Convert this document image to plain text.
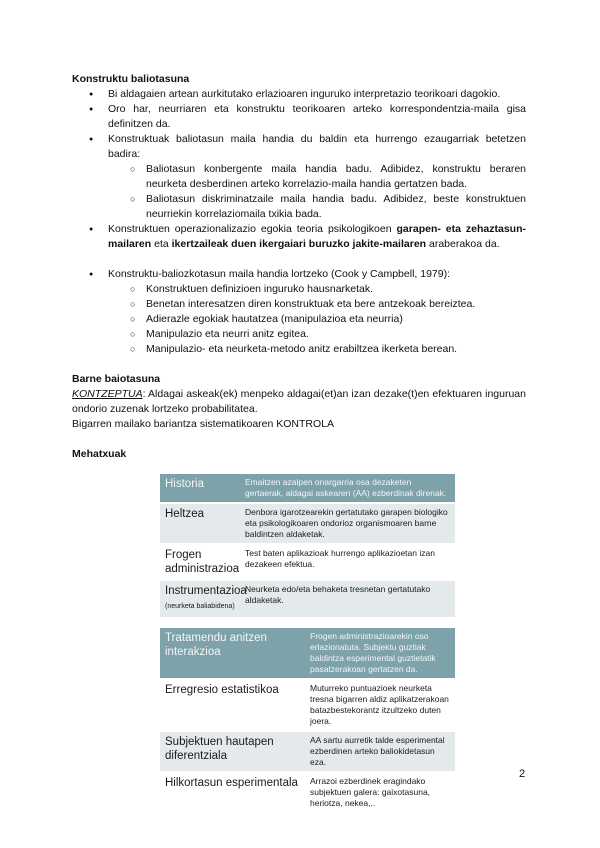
Konstruktu baliotasuna
● Bi aldagaien artean aurkitutako erlazioaren inguruko interpretazio teorikoari dagokio.
● Oro har, neurriaren eta konstruktu teorikoaren arteko korrespondentzia-maila gisa definitzen da.
● Konstruktuak baliotasun maila handia du baldin eta hurrengo ezaugarriak betetzen badira:
○ Baliotasun konbergente maila handia badu. Adibidez, konstruktu beraren neurketa desberdinen arteko korrelazio-maila handia gertatzen bada.
○ Baliotasun diskriminatzaile maila handia badu. Adibidez, beste konstruktuen neurriekin korrelaziomaila txikia bada.
● Konstruktuen operazionalizazio egokia teoria psikologikoen garapen- eta zehaztasun-mailaren eta ikertzaileak duen ikergaiari buruzko jakite-mailaren araberakoa da.
● Konstruktu-baliozkotasun maila handia lortzeko (Cook y Campbell, 1979):
○ Konstruktuen definizioen inguruko hausnarketak.
○ Benetan interesatzen diren konstruktuak eta bere antzekoak bereiztea.
○ Adierazle egokiak hautatzea (manipulazioa eta neurria)
○ Manipulazio eta neurri anitz egitea.
○ Manipulazio- eta neurketa-metodo anitz erabiltzea ikerketa berean.
Barne baiotasuna

KONTZEPTUA: Aldagai askeak(ek) menpeko aldagai(et)an izan dezake(t)en efektuaren inguruan ondorio zuzenak lortzeko probabilitatea.

Bigarren mailako bariantza sistematikoaren KONTROLA

Mehatxuak
Historia	Emaitzen azalpen onargarria osa dezaketen gertaerak, aldagai askearen (AA) ezberdinak direnak.
Heltzea	Denbora igarotzearekin gertatutako garapen biologiko eta psikologikoaren ondorioz organismoaren barne baldintzen aldaketak.
Frogen administrazioa	Test baten aplikazioak hurrengo aplikazioetan izan dezakeen efektua.
Instrumentazioa (neurketa baliabidena)	Neurketa edo/eta behaketa tresnetan gertatutako aldaketak.
Tratamendu anitzen interakzioa	Frogen administrazioarekin oso erlazionatuta. Subjektu guztiak baldintza esperimental guztietatik pasatzerakoan gertatzen da.
Erregresio estatistikoa	Muturreko puntuazioek neurketa tresna bigarren aldiz aplikatzerakoan batazbestekorantz itzultzeko duten joera.
Subjektuen hautapen diferentziala	AA sartu aurretik talde esperimental ezberdinen arteko baliokidetasun eza.
Hilkortasun esperimentala	Arrazoi ezberdinek eragindako subjektuen galera: gaixotasuna, heriotza, nekea,..
2
